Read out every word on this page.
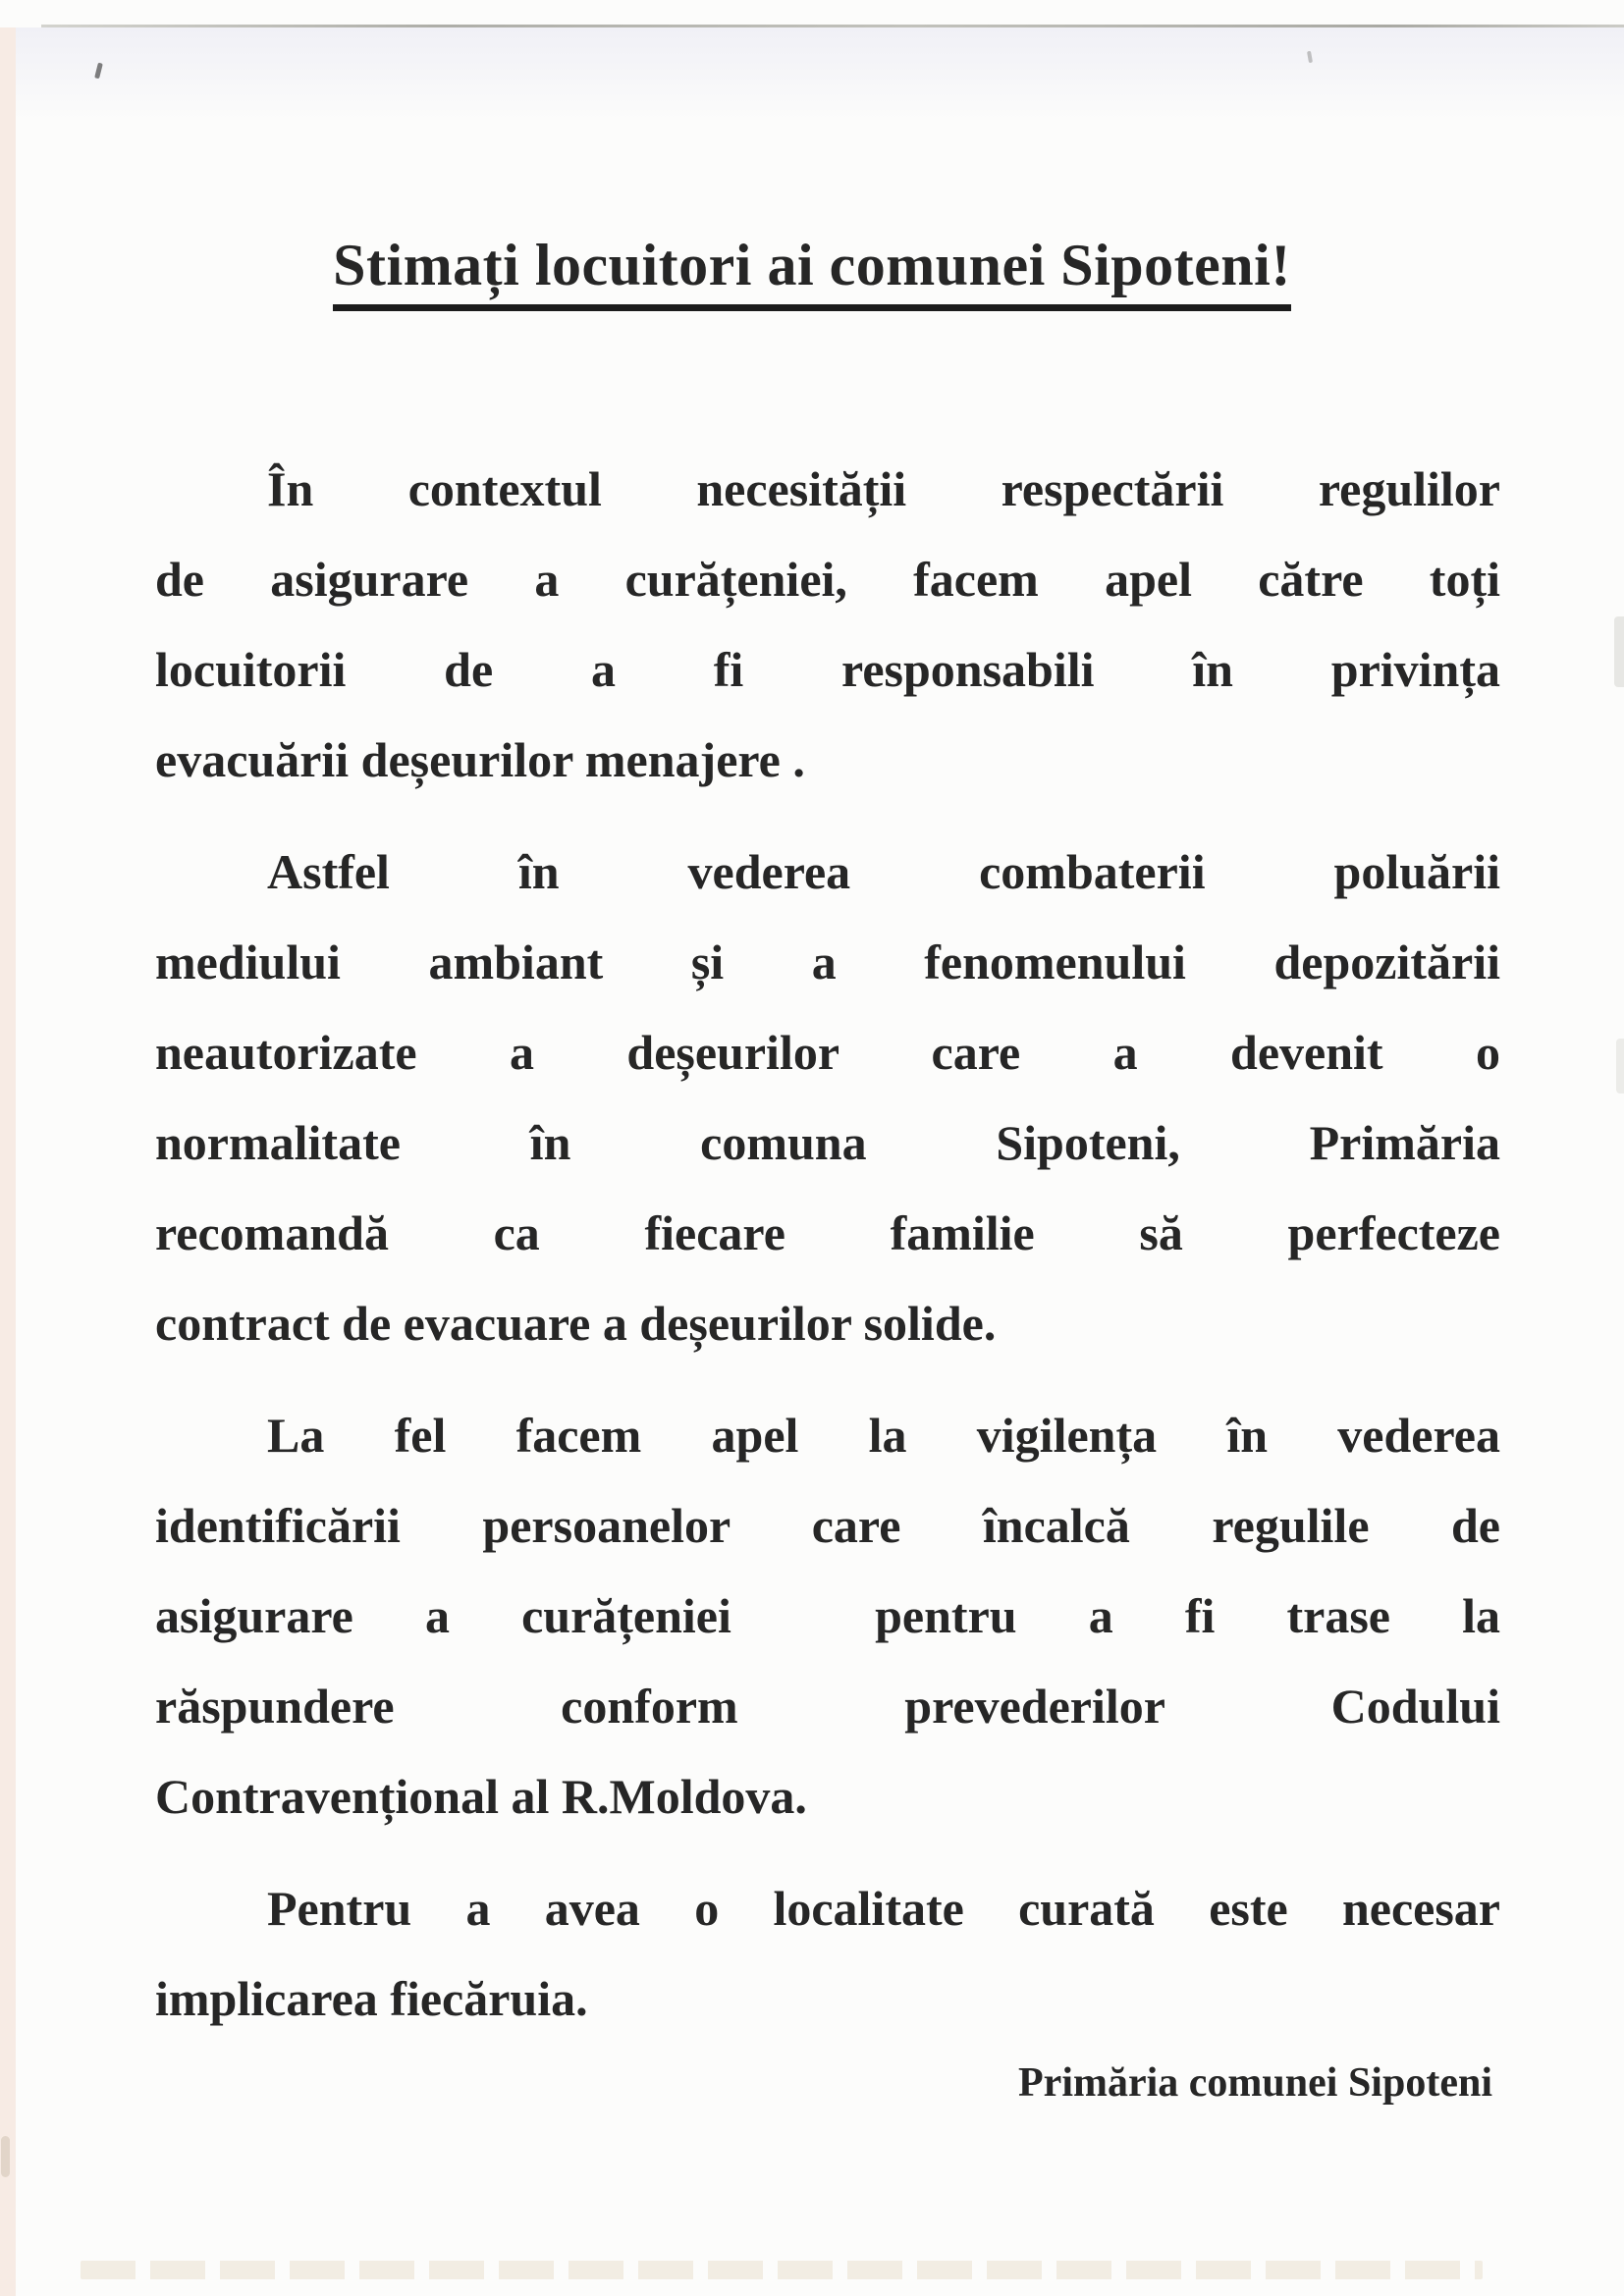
Stimați locuitori ai comunei Sipoteni!
În contextul necesității respectării regulilor
de asigurare a curățeniei, facem apel către toți
locuitorii de a fi responsabili în privința
evacuării deșeurilor menajere .
Astfel în vederea combaterii poluării
mediului ambiant și a fenomenului depozitării
neautorizate a deșeurilor care a devenit o
normalitate în comuna Sipoteni, Primăria
recomandă ca fiecare familie să perfecteze
contract de evacuare a deșeurilor solide.
La fel facem apel la vigilența în vederea
identificării persoanelor care încalcă regulile de
asigurare a curățeniei  pentru a fi trase la
răspundere conform prevederilor Codului
Contravențional al R.Moldova.
Pentru a avea o localitate curată este necesar
implicarea fiecăruia.
Primăria comunei Sipoteni
